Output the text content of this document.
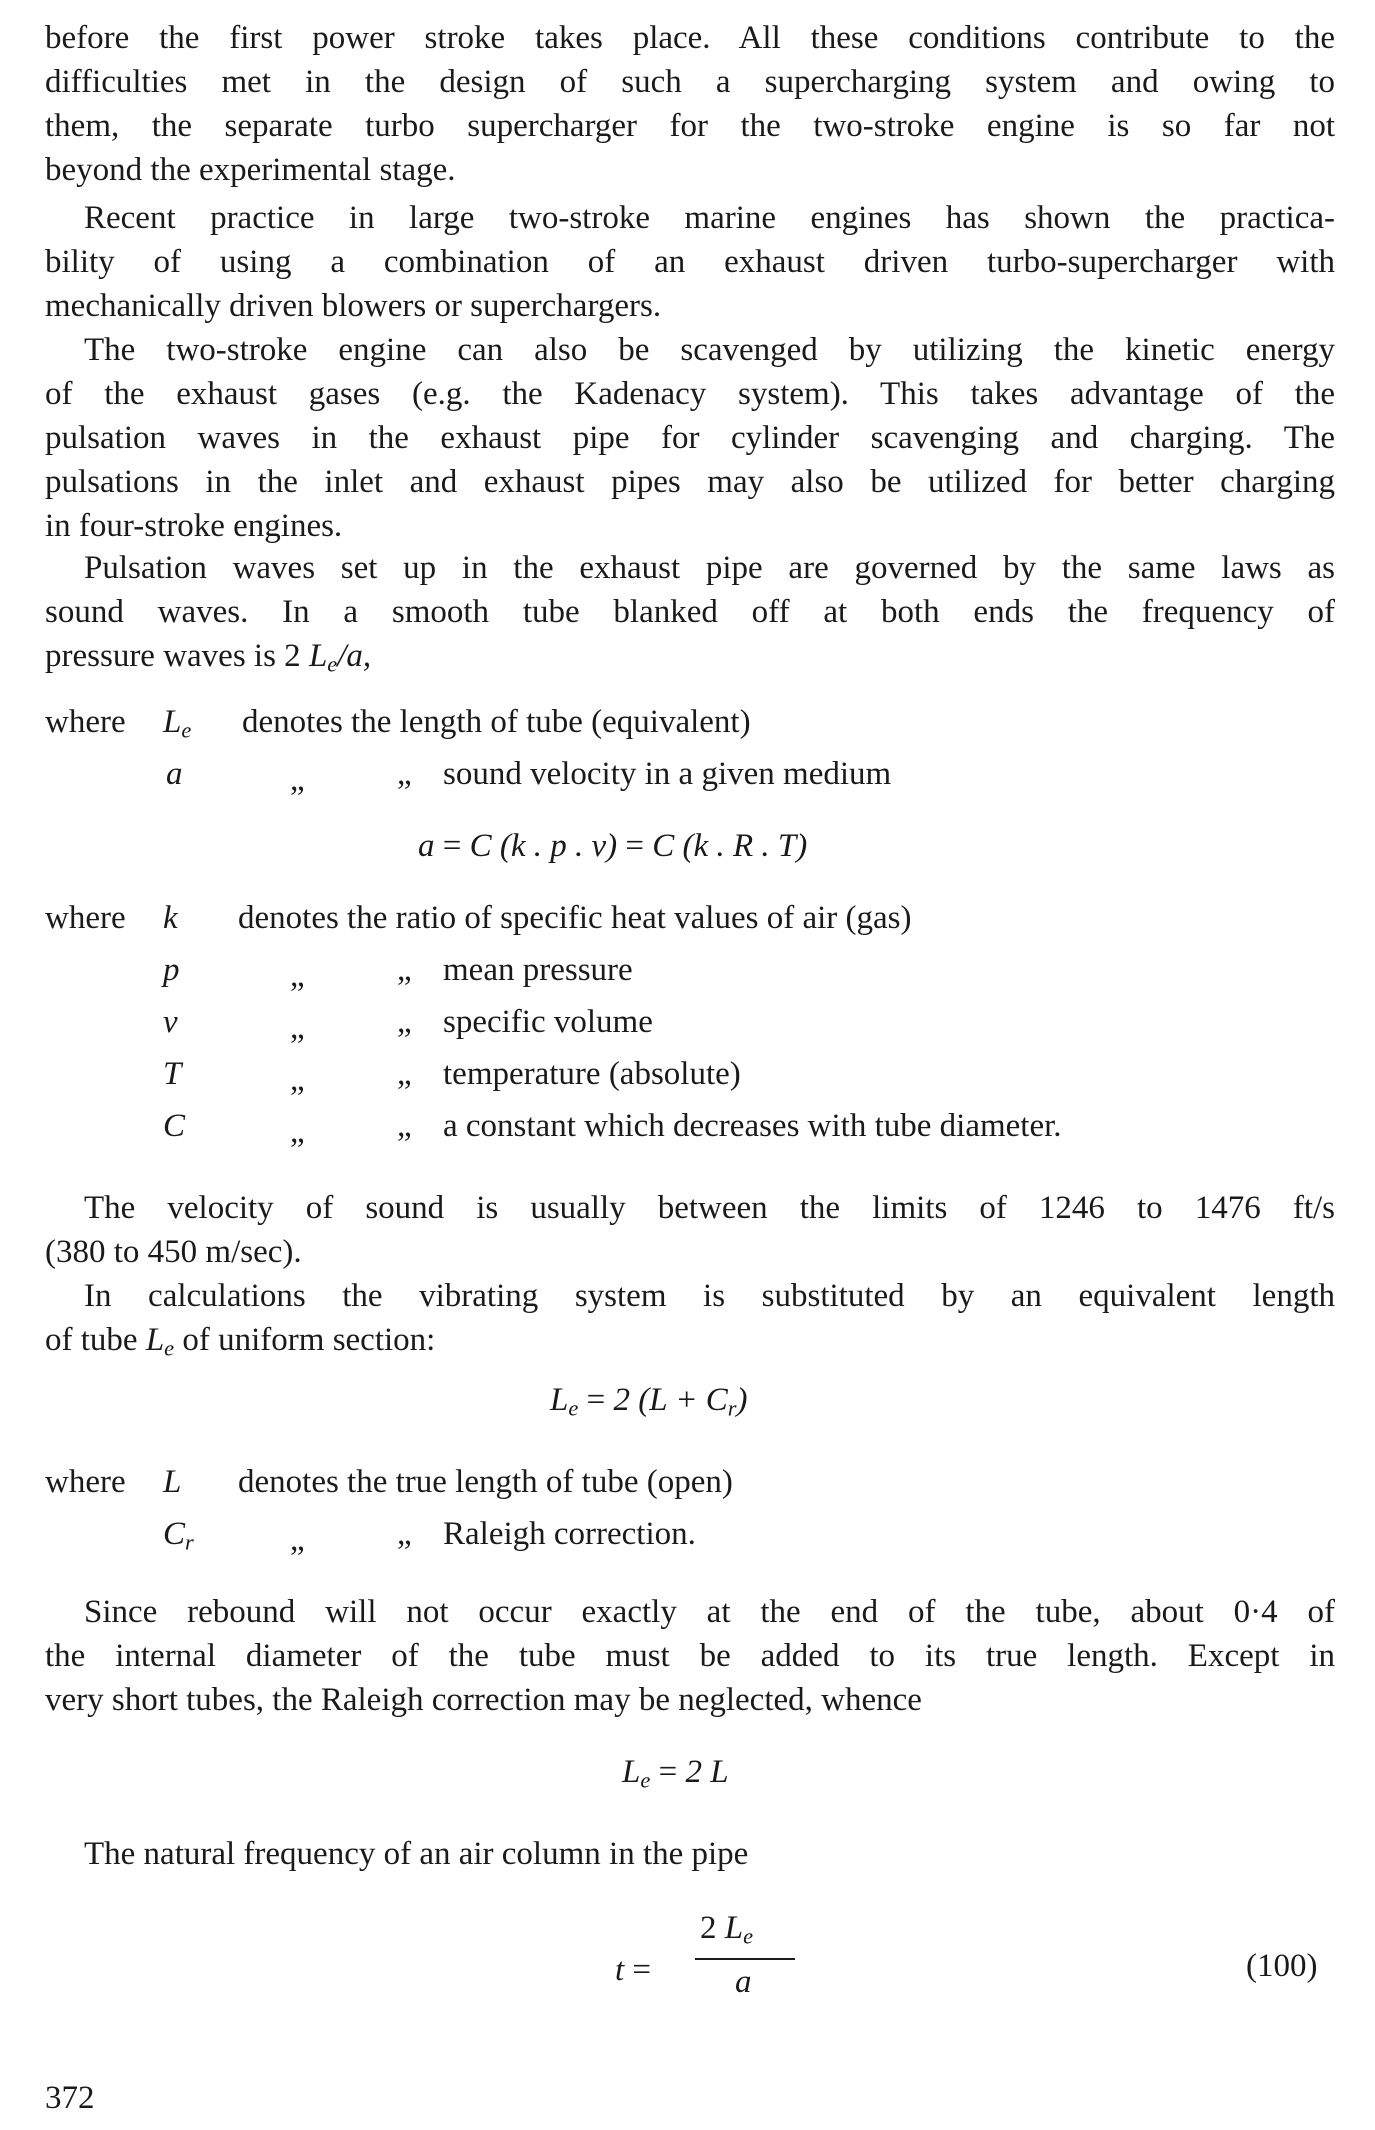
before the first power stroke takes place. All these conditions contribute to the
difficulties met in the design of such a supercharging system and owing to
them, the separate turbo supercharger for the two-stroke engine is so far not
beyond the experimental stage.
Recent practice in large two-stroke marine engines has shown the practica-
bility of using a combination of an exhaust driven turbo-supercharger with
mechanically driven blowers or superchargers.
The two-stroke engine can also be scavenged by utilizing the kinetic energy
of the exhaust gases (e.g. the Kadenacy system). This takes advantage of the
pulsation waves in the exhaust pipe for cylinder scavenging and charging. The
pulsations in the inlet and exhaust pipes may also be utilized for better charging
in four-stroke engines.
Pulsation waves set up in the exhaust pipe are governed by the same laws as
sound waves. In a smooth tube blanked off at both ends the frequency of
pressure waves is 2 $L_e/a$,
where $L_e$ denotes the length of tube (equivalent)
a	„	„ sound velocity in a given medium
a = C (k . p . v) = C (k . R . T)
where k denotes the ratio of specific heat values of air (gas)
p	„	„ mean pressure
v	„	„ specific volume
T	„	„ temperature (absolute)
C	„	„ a constant which decreases with tube diameter.
The velocity of sound is usually between the limits of 1246 to 1476 ft/s
(380 to 450 m/sec).
In calculations the vibrating system is substituted by an equivalent length
of tube $L_e$ of uniform section:
$L_e = 2$ $(L + C_r)$
where L denotes the true length of tube (open)
$C_r$	„	„ Raleigh correction.
Since rebound will not occur exactly at the end of the tube, about 0·4 of
the internal diameter of the tube must be added to its true length. Except in
very short tubes, the Raleigh correction may be neglected, whence
$L_e = 2$ L
The natural frequency of an air column in the pipe
t =
2 $L_e$
a	(100)
372
